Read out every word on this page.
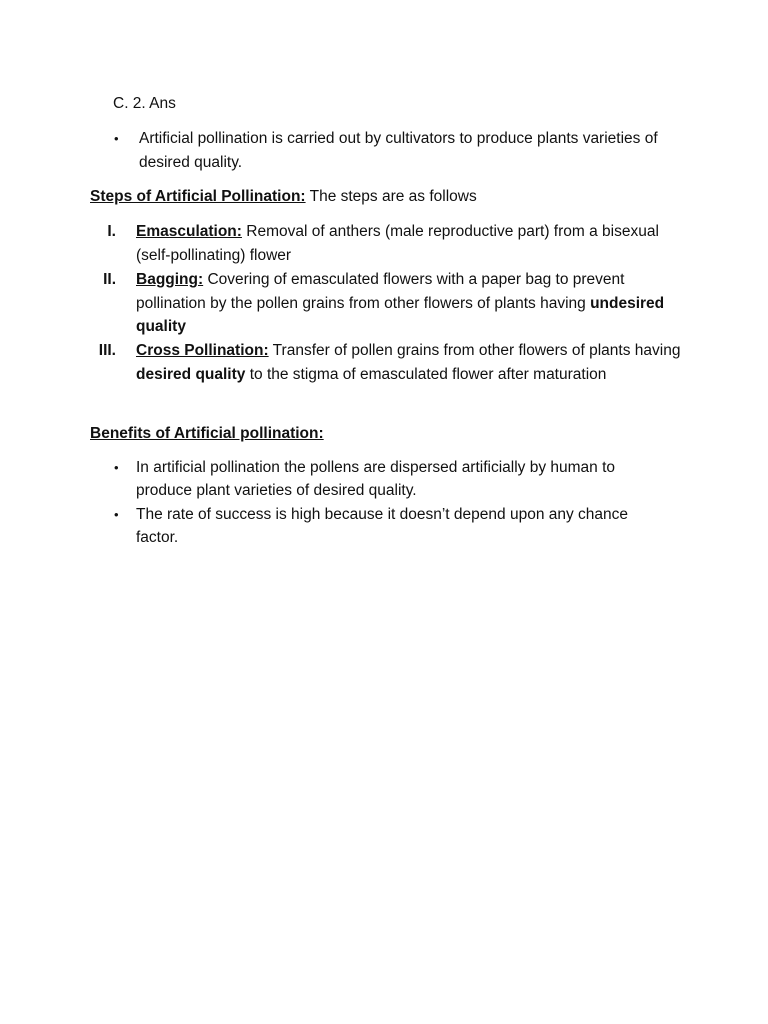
C. 2. Ans
•	Artificial pollination is carried out by cultivators to produce plants varieties of desired quality.
Steps of Artificial Pollination: The steps are as follows
I. Emasculation: Removal of anthers (male reproductive part) from a bisexual (self-pollinating) flower
II. Bagging: Covering of emasculated flowers with a paper bag to prevent pollination by the pollen grains from other flowers of plants having undesired quality
III. Cross Pollination: Transfer of pollen grains from other flowers of plants having desired quality to the stigma of emasculated flower after maturation
Benefits of Artificial pollination:
• In artificial pollination the pollens are dispersed artificially by human to produce plant varieties of desired quality.
• The rate of success is high because it doesn’t depend upon any chance factor.
